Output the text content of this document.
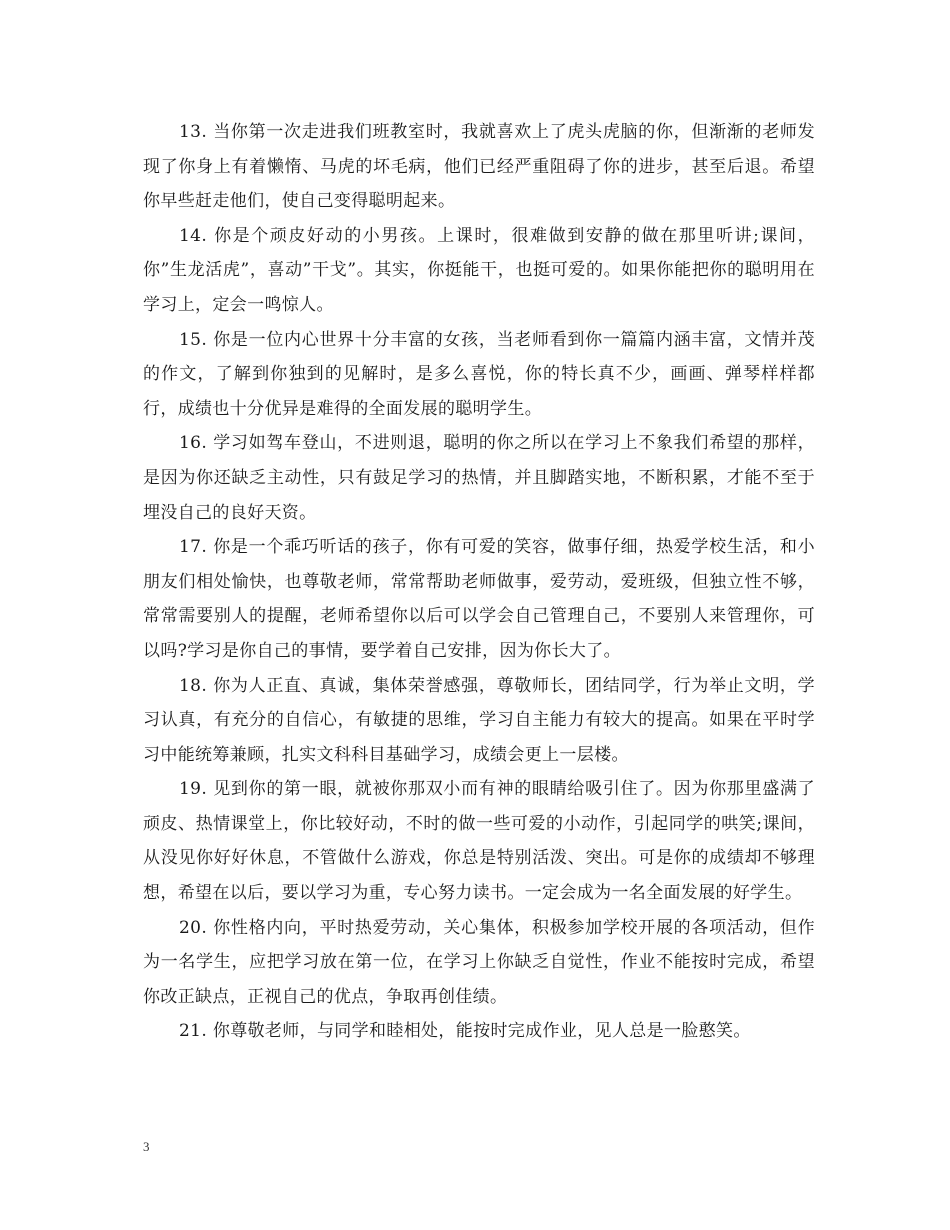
13. 当你第一次走进我们班教室时，我就喜欢上了虎头虎脑的你，但渐渐的老师发现了你身上有着懒惰、马虎的坏毛病，他们已经严重阻碍了你的进步，甚至后退。希望你早些赶走他们，使自己变得聪明起来。

14. 你是个顽皮好动的小男孩。上课时，很难做到安静的做在那里听讲;课间，你”生龙活虎”，喜动”干戈”。其实，你挺能干，也挺可爱的。如果你能把你的聪明用在学习上，定会一鸣惊人。

15. 你是一位内心世界十分丰富的女孩，当老师看到你一篇篇内涵丰富，文情并茂的作文，了解到你独到的见解时，是多么喜悦，你的特长真不少，画画、弹琴样样都行，成绩也十分优异是难得的全面发展的聪明学生。

16. 学习如驾车登山，不进则退，聪明的你之所以在学习上不象我们希望的那样，是因为你还缺乏主动性，只有鼓足学习的热情，并且脚踏实地，不断积累，才能不至于埋没自己的良好天资。

17. 你是一个乖巧听话的孩子，你有可爱的笑容，做事仔细，热爱学校生活，和小朋友们相处愉快，也尊敬老师，常常帮助老师做事，爱劳动，爱班级，但独立性不够，常常需要别人的提醒，老师希望你以后可以学会自己管理自己，不要别人来管理你，可以吗?学习是你自己的事情，要学着自己安排，因为你长大了。

18. 你为人正直、真诚，集体荣誉感强，尊敬师长，团结同学，行为举止文明，学习认真，有充分的自信心，有敏捷的思维，学习自主能力有较大的提高。如果在平时学习中能统筹兼顾，扎实文科科目基础学习，成绩会更上一层楼。

19. 见到你的第一眼，就被你那双小而有神的眼睛给吸引住了。因为你那里盛满了顽皮、热情课堂上，你比较好动，不时的做一些可爱的小动作，引起同学的哄笑;课间，从没见你好好休息，不管做什么游戏，你总是特别活泼、突出。可是你的成绩却不够理想，希望在以后，要以学习为重，专心努力读书。一定会成为一名全面发展的好学生。

20. 你性格内向，平时热爱劳动，关心集体，积极参加学校开展的各项活动，但作为一名学生，应把学习放在第一位，在学习上你缺乏自觉性，作业不能按时完成，希望你改正缺点，正视自己的优点，争取再创佳绩。

21. 你尊敬老师，与同学和睦相处，能按时完成作业，见人总是一脸憨笑。

3
